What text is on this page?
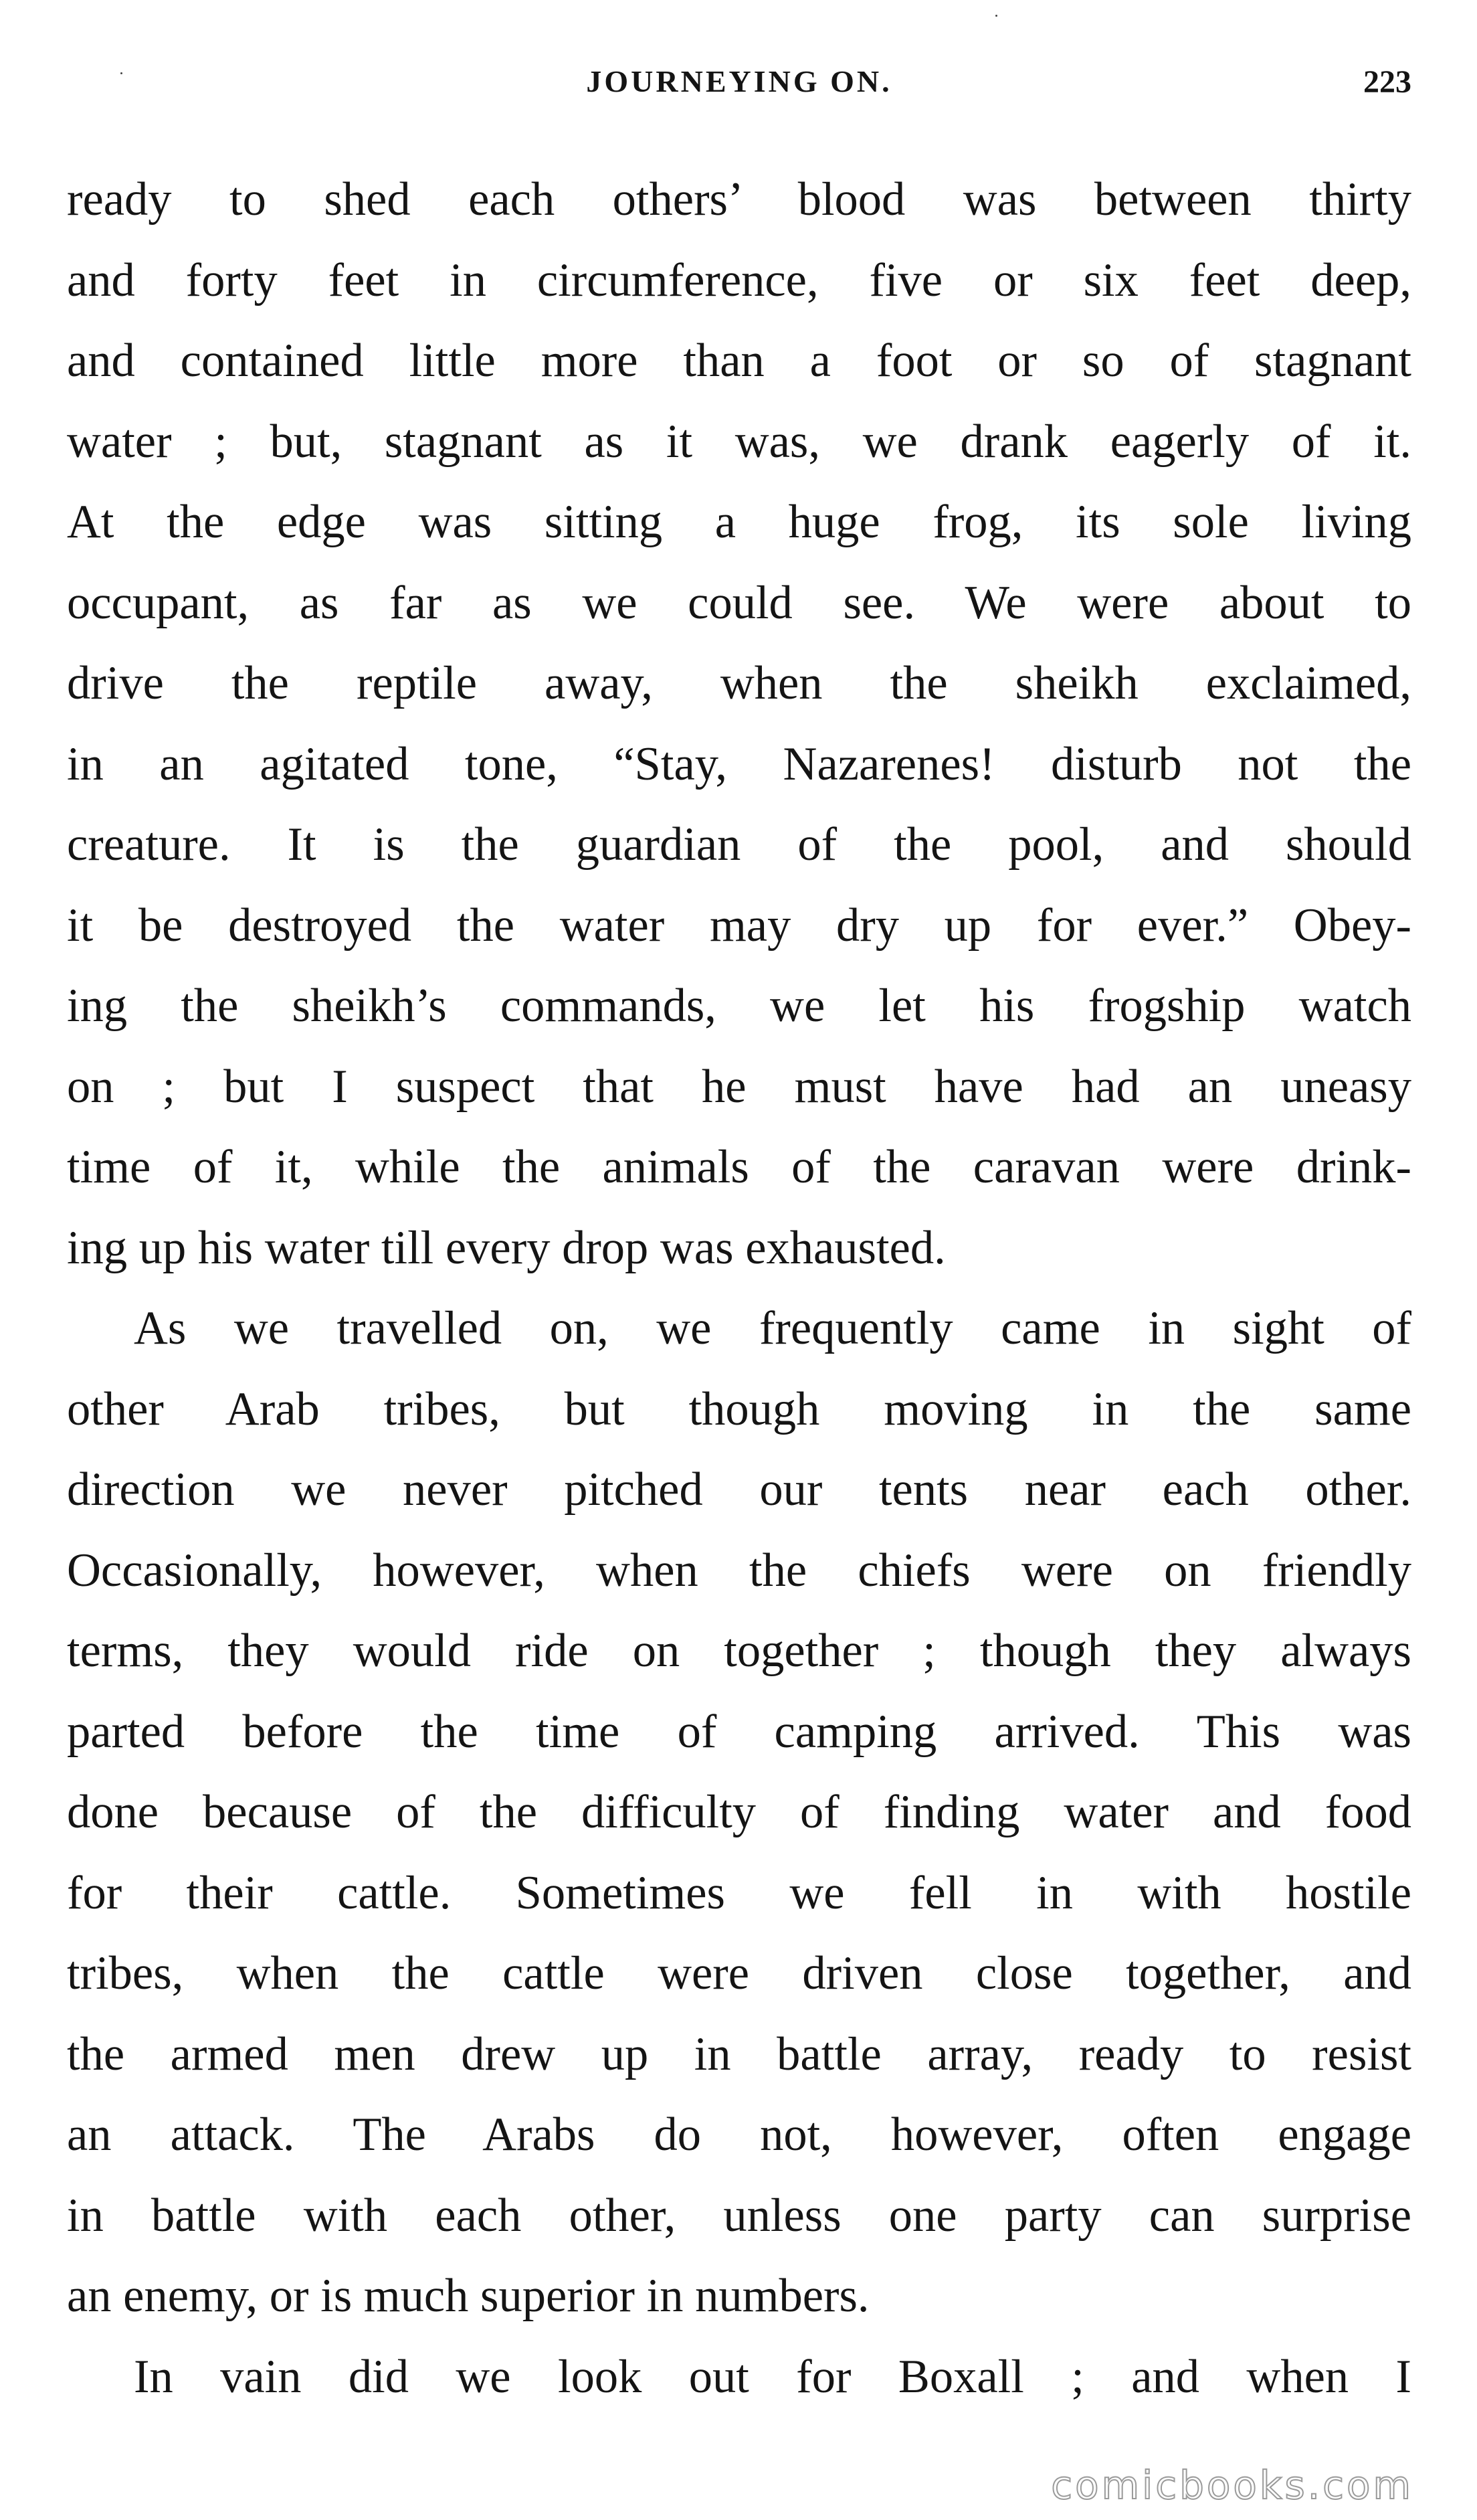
JOURNEYING ON.	223
ready to shed each others’ blood was between thirty
and forty feet in circumference, five or six feet deep,
and contained little more than a foot or so of stagnant
water ; but, stagnant as it was, we drank eagerly of it.
At the edge was sitting a huge frog, its sole living
occupant, as far as we could see. We were about to
drive the reptile away, when the sheikh exclaimed,
in an agitated tone, “Stay, Nazarenes! disturb not the
creature. It is the guardian of the pool, and should
it be destroyed the water may dry up for ever.” Obey-
ing the sheikh’s commands, we let his frogship watch
on ; but I suspect that he must have had an uneasy
time of it, while the animals of the caravan were drink-
ing up his water till every drop was exhausted.
As we travelled on, we frequently came in sight of
other Arab tribes, but though moving in the same
direction we never pitched our tents near each other.
Occasionally, however, when the chiefs were on friendly
terms, they would ride on together ; though they always
parted before the time of camping arrived. This was
done because of the difficulty of finding water and food
for their cattle. Sometimes we fell in with hostile
tribes, when the cattle were driven close together, and
the armed men drew up in battle array, ready to resist
an attack. The Arabs do not, however, often engage
in battle with each other, unless one party can surprise
an enemy, or is much superior in numbers.
In vain did we look out for Boxall ; and when I
comicbooks.com
